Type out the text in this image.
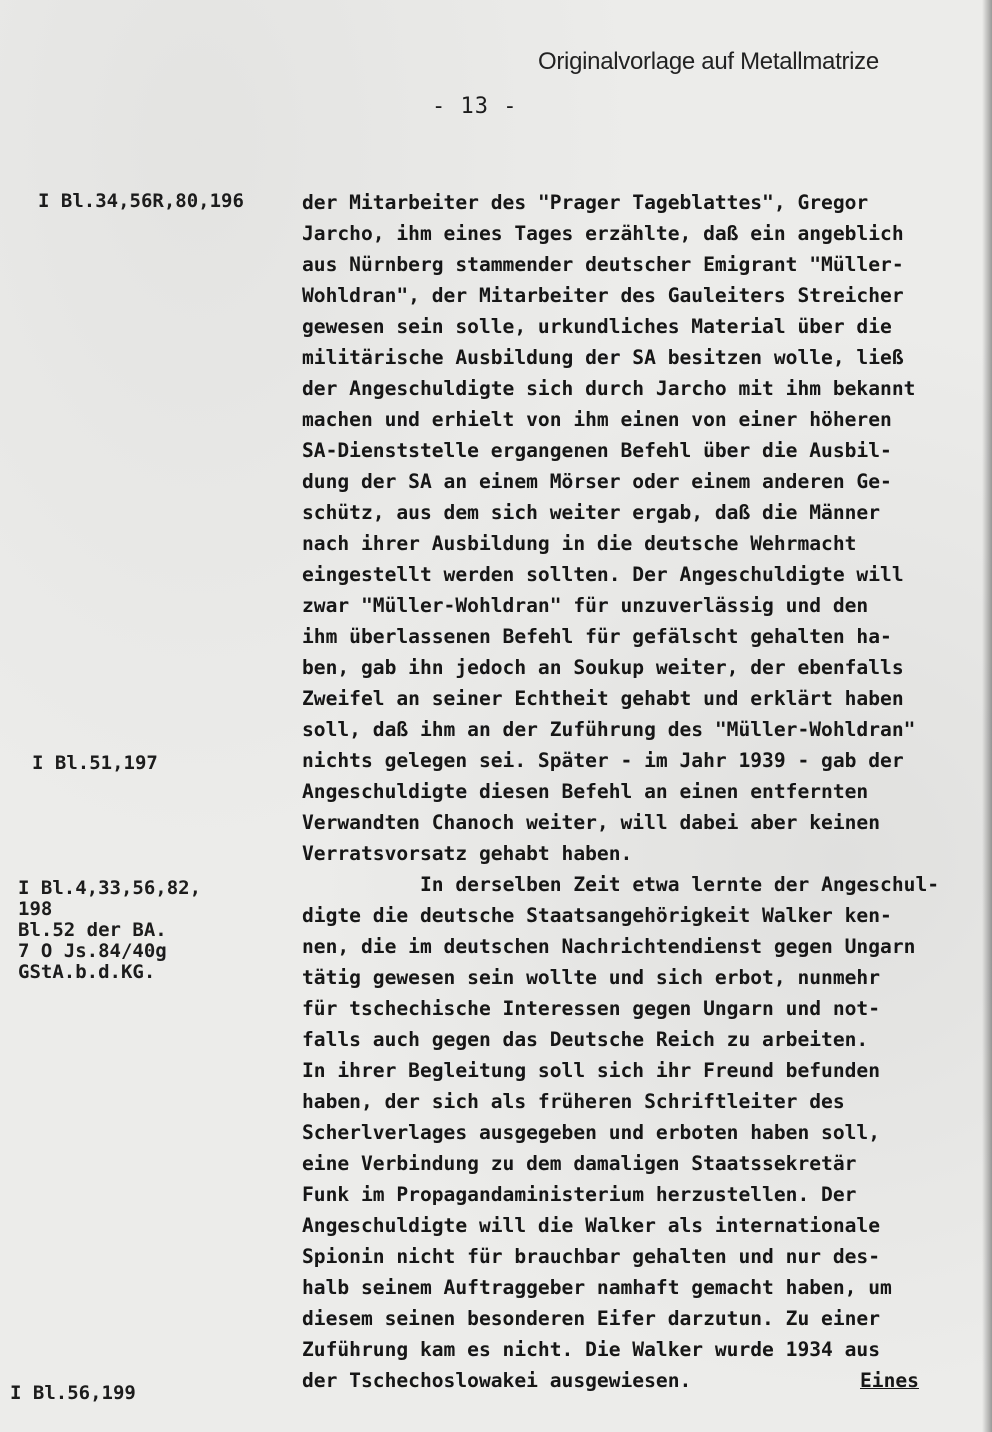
Originalvorlage auf Metallmatrize
- 13 -
I Bl.34,56R,80,196
I Bl.51,197
I Bl.4,33,56,82,
198
Bl.52 der BA.
7 O Js.84/40g
GStA.b.d.KG.
I Bl.56,199
der Mitarbeiter des "Prager Tageblattes", Gregor
Jarcho, ihm eines Tages erzählte, daß ein angeblich
aus Nürnberg stammender deutscher Emigrant "Müller-
Wohldran", der Mitarbeiter des Gauleiters Streicher
gewesen sein solle, urkundliches Material über die
militärische Ausbildung der SA besitzen wolle, ließ
der Angeschuldigte sich durch Jarcho mit ihm bekannt
machen und erhielt von ihm einen von einer höheren
SA-Dienststelle ergangenen Befehl über die Ausbil-
dung der SA an einem Mörser oder einem anderen Ge-
schütz, aus dem sich weiter ergab, daß die Männer
nach ihrer Ausbildung in die deutsche Wehrmacht
eingestellt werden sollten. Der Angeschuldigte will
zwar "Müller-Wohldran" für unzuverlässig und den
ihm überlassenen Befehl für gefälscht gehalten ha-
ben, gab ihn jedoch an Soukup weiter, der ebenfalls
Zweifel an seiner Echtheit gehabt und erklärt haben
soll, daß ihm an der Zuführung des "Müller-Wohldran"
nichts gelegen sei. Später - im Jahr 1939 - gab der
Angeschuldigte diesen Befehl an einen entfernten
Verwandten Chanoch weiter, will dabei aber keinen
Verratsvorsatz gehabt haben.
In derselben Zeit etwa lernte der Angeschul-
digte die deutsche Staatsangehörigkeit Walker ken-
nen, die im deutschen Nachrichtendienst gegen Ungarn
tätig gewesen sein wollte und sich erbot, nunmehr
für tschechische Interessen gegen Ungarn und not-
falls auch gegen das Deutsche Reich zu arbeiten.
In ihrer Begleitung soll sich ihr Freund befunden
haben, der sich als früheren Schriftleiter des
Scherlverlages ausgegeben und erboten haben soll,
eine Verbindung zu dem damaligen Staatssekretär
Funk im Propagandaministerium herzustellen. Der
Angeschuldigte will die Walker als internationale
Spionin nicht für brauchbar gehalten und nur des-
halb seinem Auftraggeber namhaft gemacht haben, um
diesem seinen besonderen Eifer darzutun. Zu einer
Zuführung kam es nicht. Die Walker wurde 1934 aus
der Tschechoslowakei ausgewiesen.	Eines
